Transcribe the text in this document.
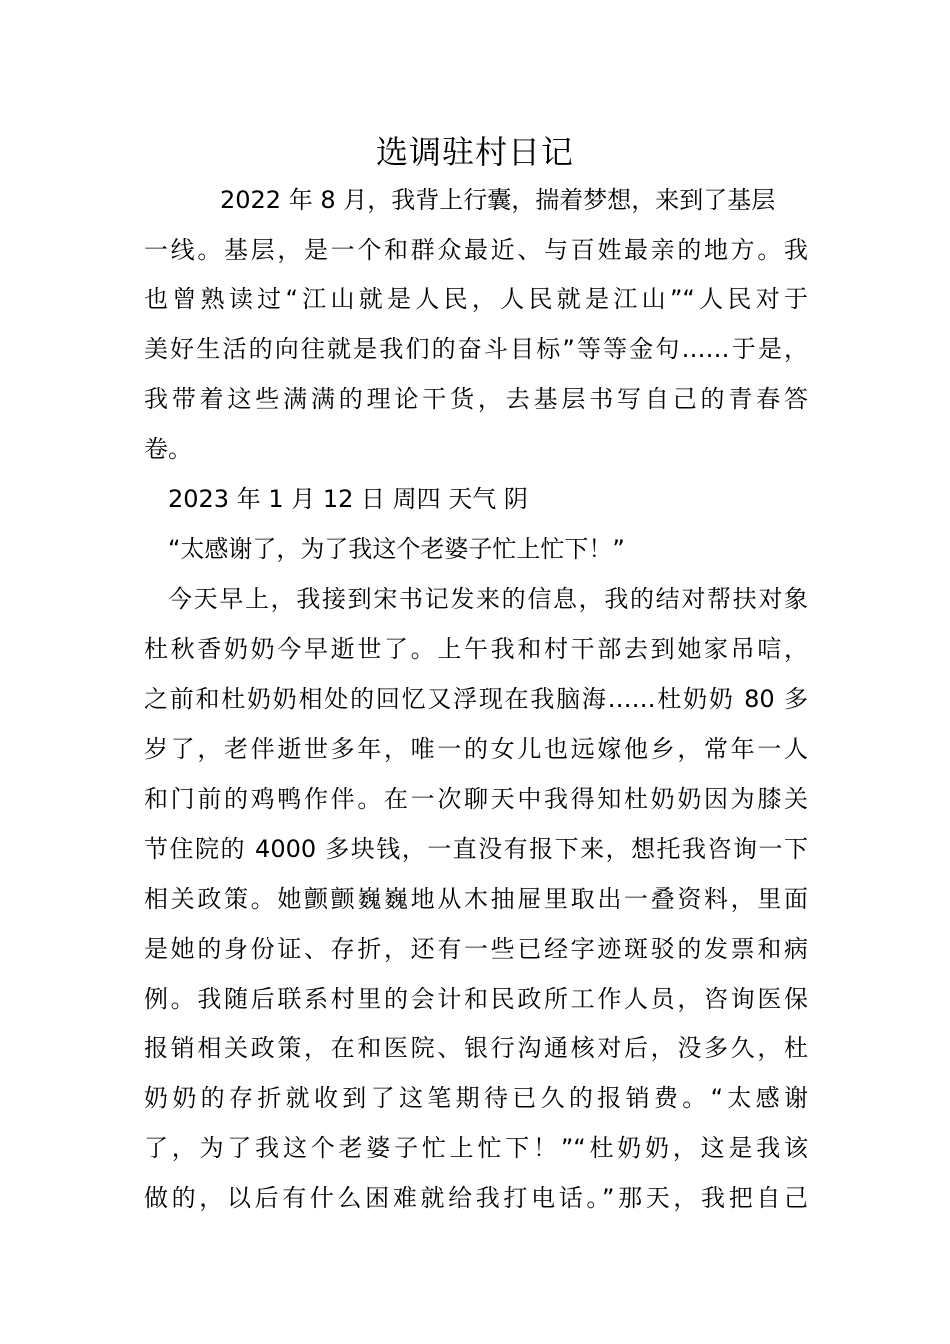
选调驻村日记
2022 年 8 月，我背上行囊，揣着梦想，来到了基层
一线。基层，是一个和群众最近、与百姓最亲的地方。我
也曾熟读过“江山就是人民，人民就是江山”“人民对于
美好生活的向往就是我们的奋斗目标”等等金句……于是，
我带着这些满满的理论干货，去基层书写自己的青春答
卷。
2023 年 1 月 12 日 周四 天气 阴
“太感谢了，为了我这个老婆子忙上忙下！”
今天早上，我接到宋书记发来的信息，我的结对帮扶对象
杜秋香奶奶今早逝世了。上午我和村干部去到她家吊唁，
之前和杜奶奶相处的回忆又浮现在我脑海……杜奶奶 80 多
岁了，老伴逝世多年，唯一的女儿也远嫁他乡，常年一人
和门前的鸡鸭作伴。在一次聊天中我得知杜奶奶因为膝关
节住院的 4000 多块钱，一直没有报下来，想托我咨询一下
相关政策。她颤颤巍巍地从木抽屉里取出一叠资料，里面
是她的身份证、存折，还有一些已经字迹斑驳的发票和病
例。我随后联系村里的会计和民政所工作人员，咨询医保
报销相关政策，在和医院、银行沟通核对后，没多久，杜
奶奶的存折就收到了这笔期待已久的报销费。“太感谢
了，为了我这个老婆子忙上忙下！”“杜奶奶，这是我该
做的，以后有什么困难就给我打电话。”那天，我把自己
